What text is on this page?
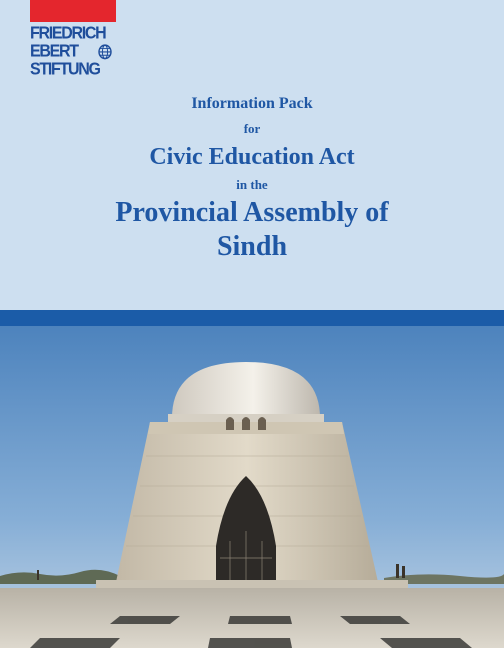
FRIEDRICH
EBERT
STIFTUNG
Information Pack
for
Civic Education Act
in the
Provincial Assembly of
Sindh
